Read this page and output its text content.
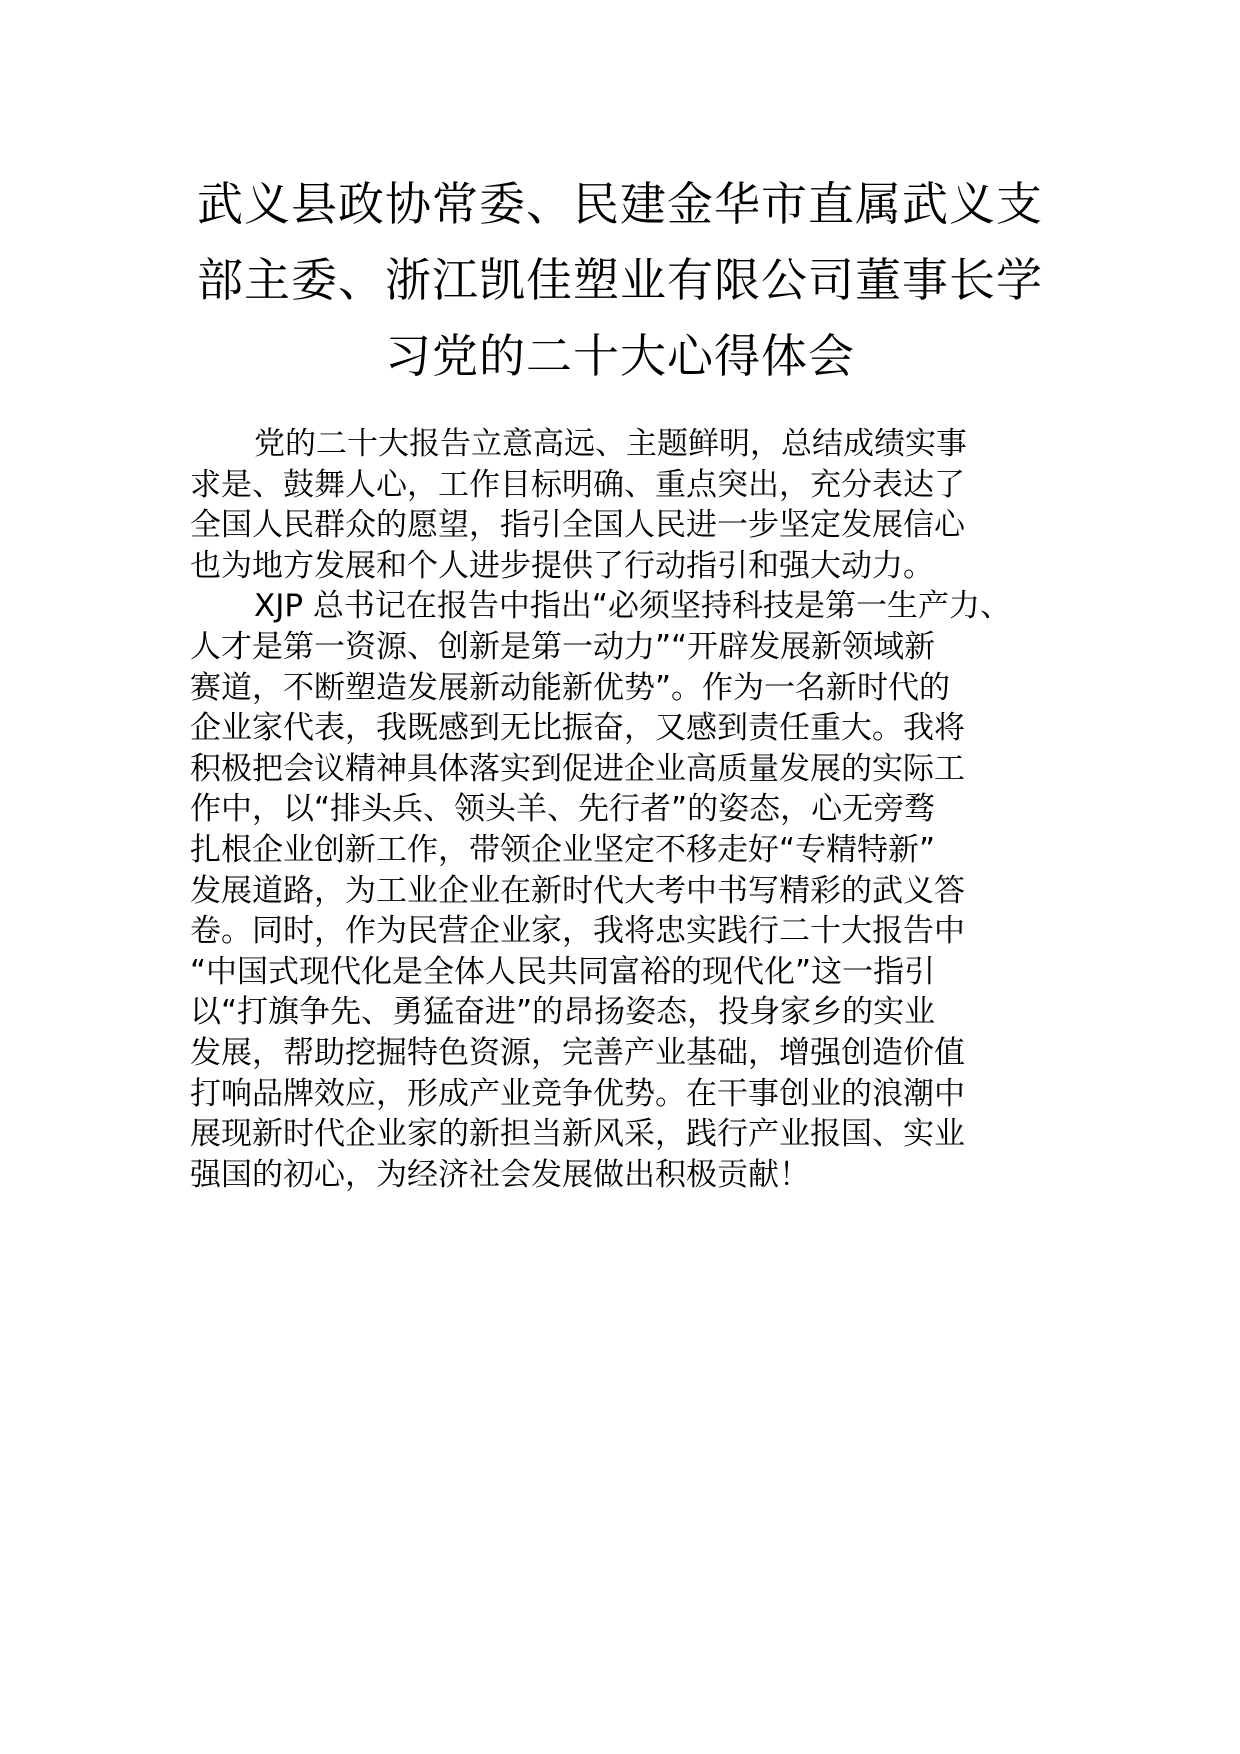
武义县政协常委、民建金华市直属武义支
部主委、浙江凯佳塑业有限公司董事长学
习党的二十大心得体会

党的二十大报告立意高远、主题鲜明，总结成绩实事
求是、鼓舞人心，工作目标明确、重点突出，充分表达了
全国人民群众的愿望，指引全国人民进一步坚定发展信心
也为地方发展和个人进步提供了行动指引和强大动力。

XJP 总书记在报告中指出“必须坚持科技是第一生产力、
人才是第一资源、创新是第一动力”“开辟发展新领域新
赛道，不断塑造发展新动能新优势”。作为一名新时代的
企业家代表，我既感到无比振奋，又感到责任重大。我将
积极把会议精神具体落实到促进企业高质量发展的实际工
作中，以“排头兵、领头羊、先行者”的姿态，心无旁骛
扎根企业创新工作，带领企业坚定不移走好“专精特新”
发展道路，为工业企业在新时代大考中书写精彩的武义答
卷。同时，作为民营企业家，我将忠实践行二十大报告中
“中国式现代化是全体人民共同富裕的现代化”这一指引
以“打旗争先、勇猛奋进”的昂扬姿态，投身家乡的实业
发展，帮助挖掘特色资源，完善产业基础，增强创造价值
打响品牌效应，形成产业竞争优势。在干事创业的浪潮中
展现新时代企业家的新担当新风采，践行产业报国、实业
强国的初心，为经济社会发展做出积极贡献！
